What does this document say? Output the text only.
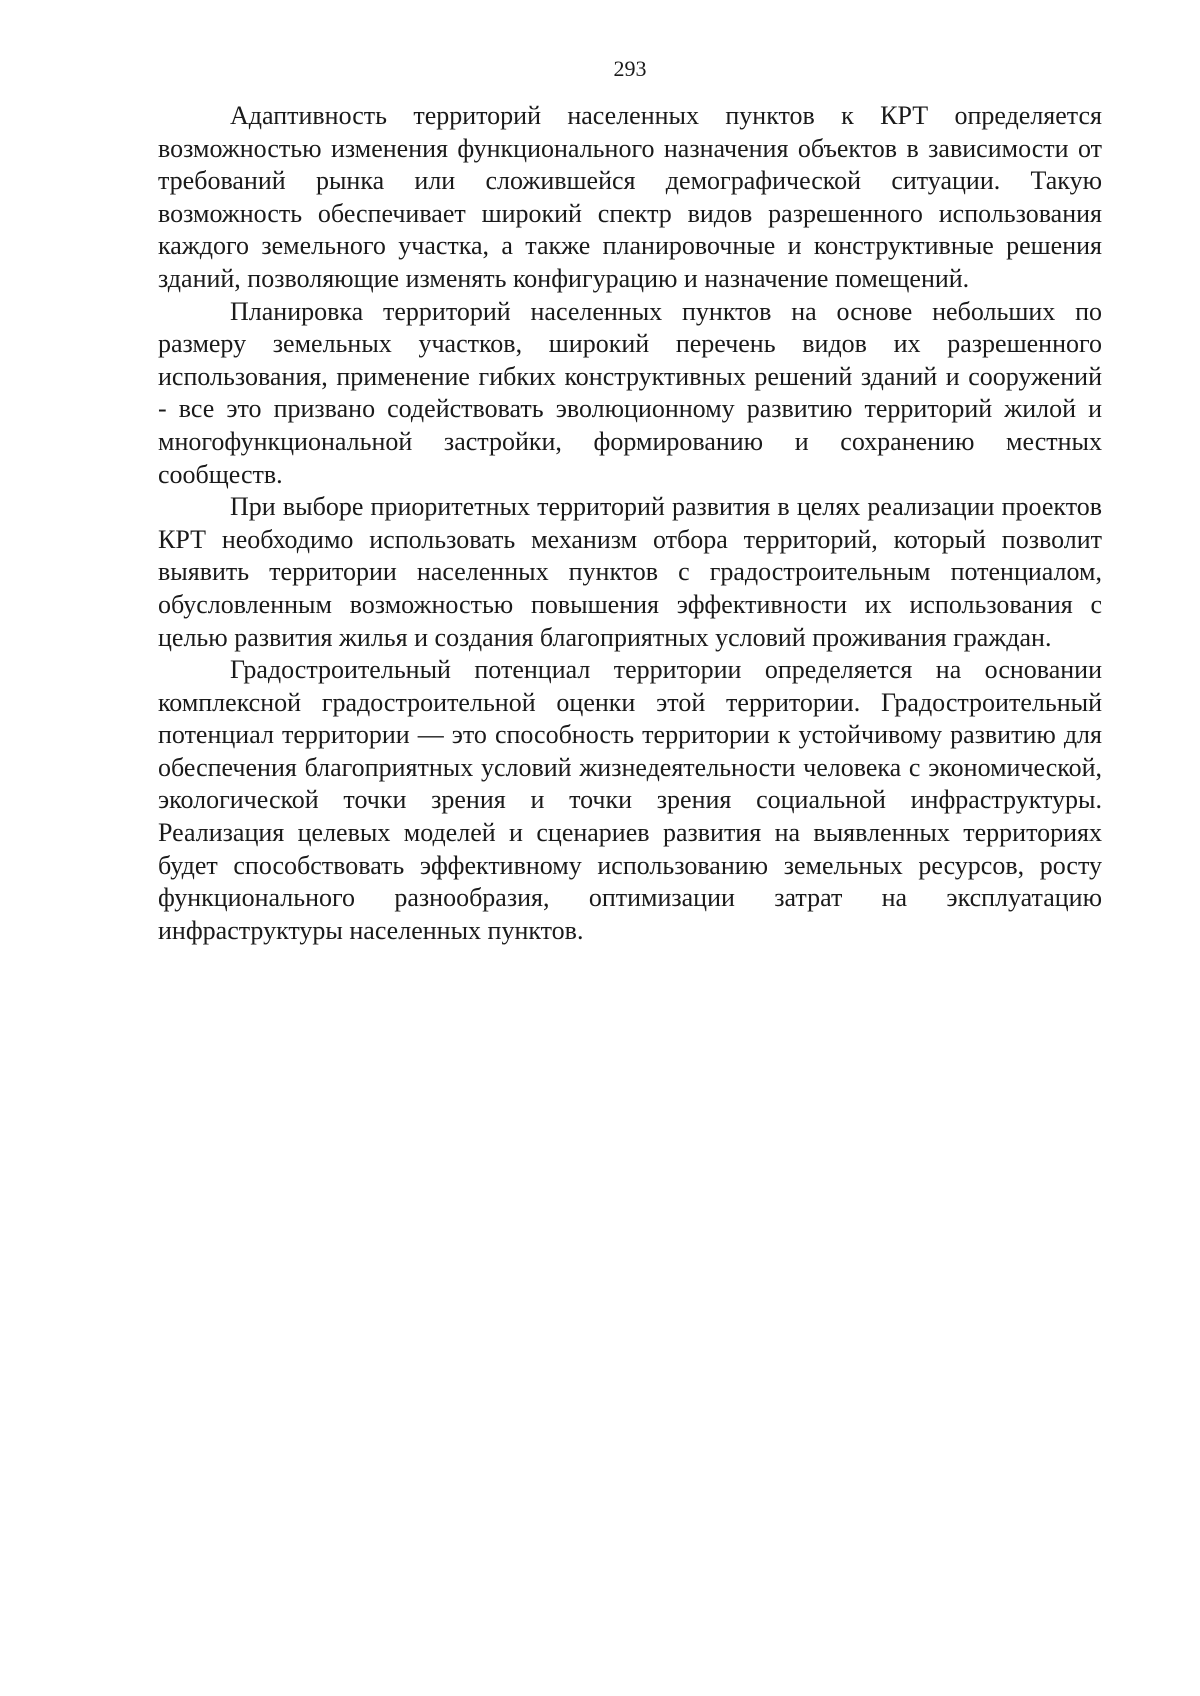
293

Адаптивность территорий населенных пунктов к КРТ определяется возможностью изменения функционального назначения объектов в зависимости от требований рынка или сложившейся демографической ситуации. Такую возможность обеспечивает широкий спектр видов разрешенного использования каждого земельного участка, а также планировочные и конструктивные решения зданий, позволяющие изменять конфигурацию и назначение помещений.

Планировка территорий населенных пунктов на основе небольших по размеру земельных участков, широкий перечень видов их разрешенного использования, применение гибких конструктивных решений зданий и сооружений - все это призвано содействовать эволюционному развитию территорий жилой и многофункциональной застройки, формированию и сохранению местных сообществ.

При выборе приоритетных территорий развития в целях реализации проектов КРТ необходимо использовать механизм отбора территорий, который позволит выявить территории населенных пунктов с градостроительным потенциалом, обусловленным возможностью повышения эффективности их использования с целью развития жилья и создания благоприятных условий проживания граждан.

Градостроительный потенциал территории определяется на основании комплексной градостроительной оценки этой территории. Градостроительный потенциал территории — это способность территории к устойчивому развитию для обеспечения благоприятных условий жизнедеятельности человека с экономической, экологической точки зрения и точки зрения социальной инфраструктуры. Реализация целевых моделей и сценариев развития на выявленных территориях будет способствовать эффективному использованию земельных ресурсов, росту функционального разнообразия, оптимизации затрат на эксплуатацию инфраструктуры населенных пунктов.
